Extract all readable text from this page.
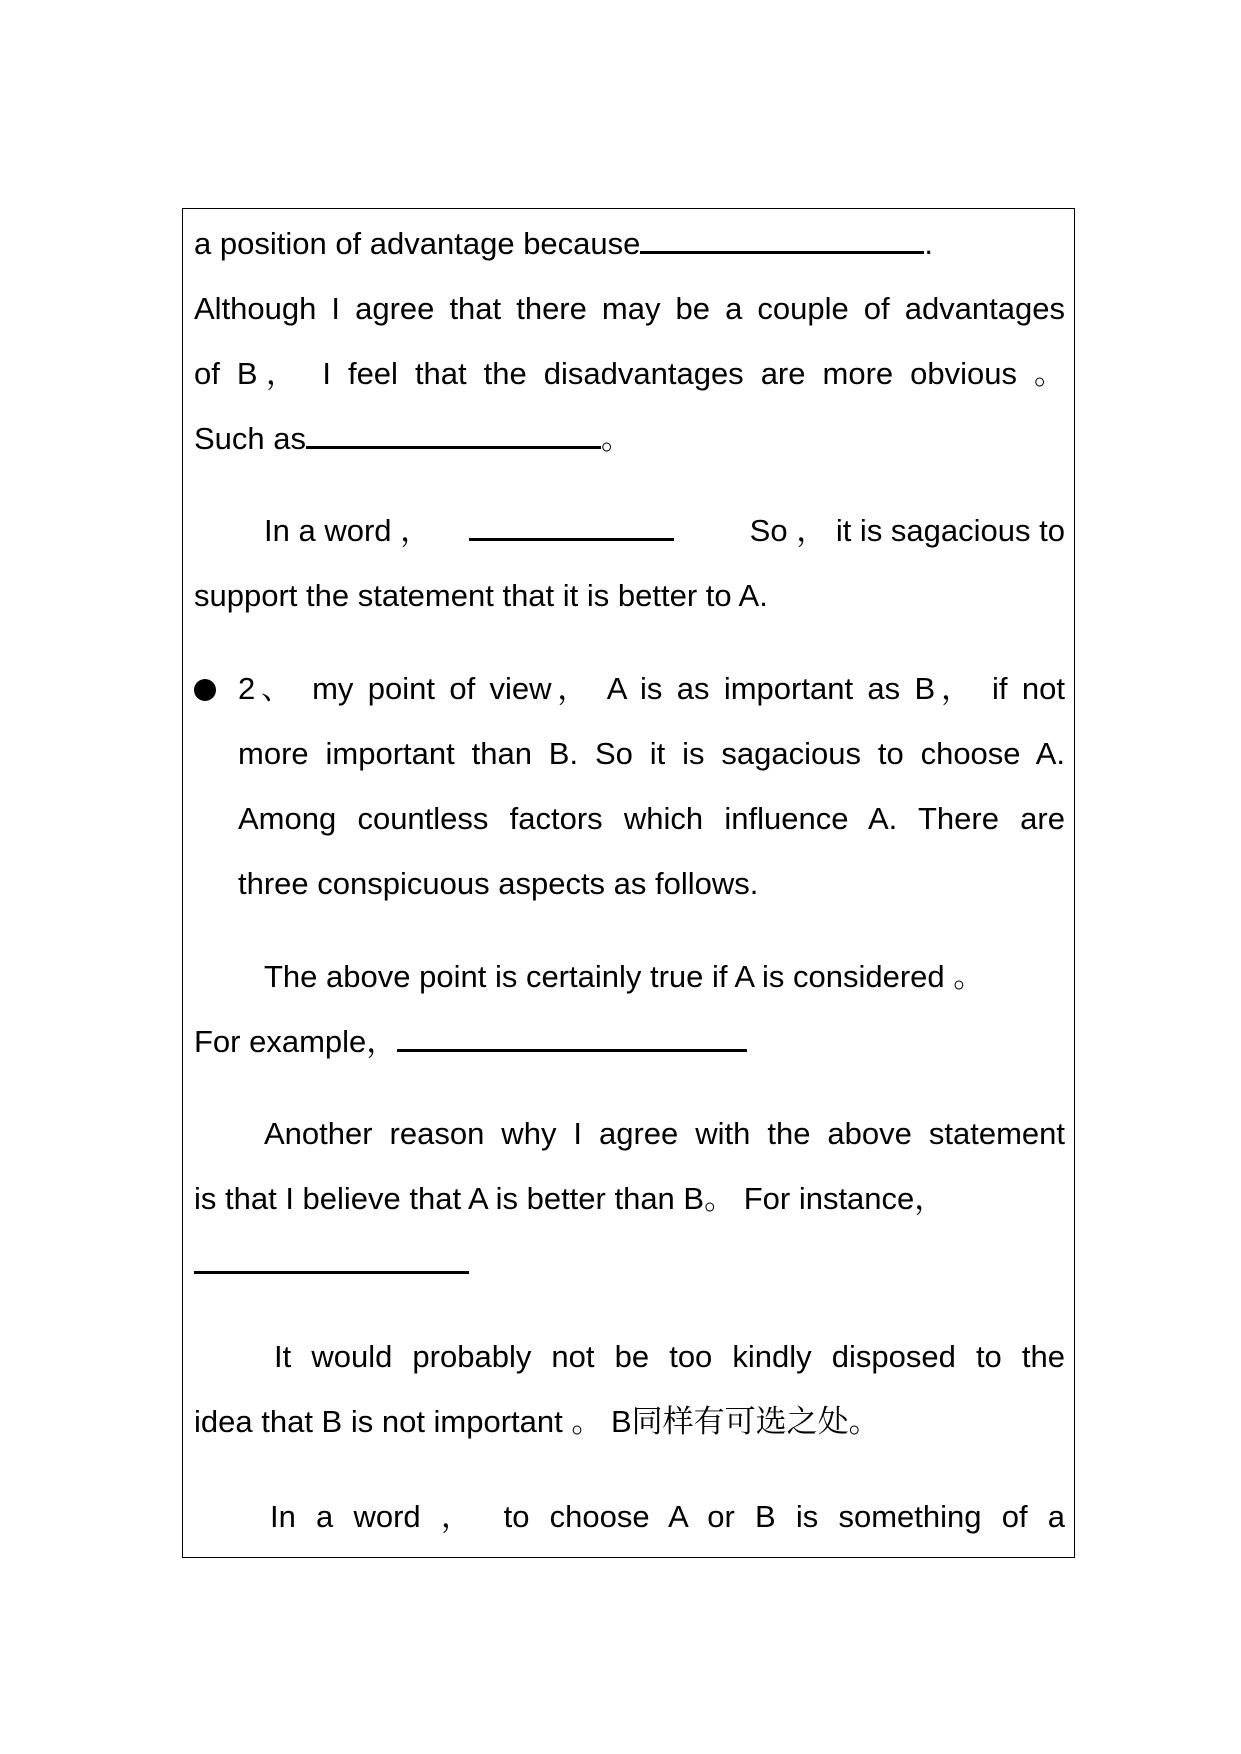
a position of advantage because	.
Although I agree that there may be a couple of advantages
of B， I feel that the disadvantages are more obvious 。
Such as	。
In a word ，	So ， it is sagacious to
support the statement that it is better to A.
2、 my point of view， A is as important as B， if not
more important than B. So it is sagacious to choose A.
Among countless factors which influence A. There are
three conspicuous aspects as follows.
The above point is certainly true if A is considered 。
For example，
Another reason why I agree with the above statement
is that I believe that A is better than B。 For instance，
It would probably not be too kindly disposed to the
idea that B is not important 。 B同样有可选之处。
In a word ， to choose A or B is something of a
